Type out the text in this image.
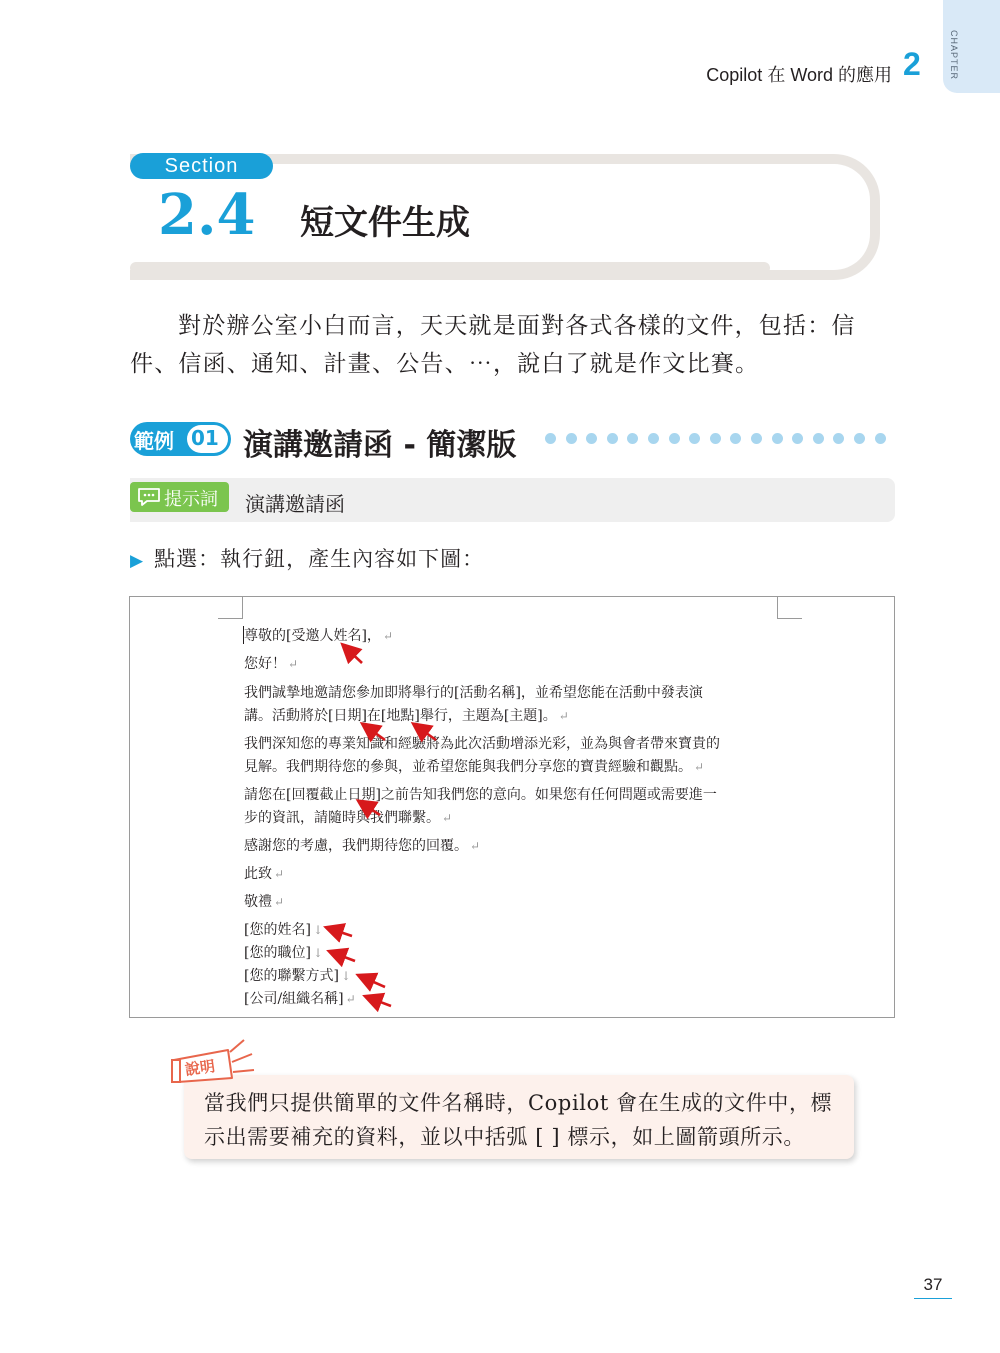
CHAPTER
Copilot 在 Word 的應用 2
Section
2.4 短文件生成
對於辦公室小白而言，天天就是面對各式各樣的文件，包括：信
件、信函、通知、計畫、公告、⋯，說白了就是作文比賽。
範例 01 演講邀請函 - 簡潔版
提示詞 演講邀請函
▶ 點選：執行鈕，產生內容如下圖：
尊敬的[受邀人姓名]， ↵
您好！ ↵
我們誠摯地邀請您參加即將舉行的[活動名稱]，並希望您能在活動中發表演
講。活動將於[日期]在[地點]舉行，主題為[主題]。 ↵
我們深知您的專業知識和經驗將為此次活動增添光彩，並為與會者帶來寶貴的
見解。我們期待您的參與，並希望您能與我們分享您的寶貴經驗和觀點。 ↵
請您在[回覆截止日期]之前告知我們您的意向。如果您有任何問題或需要進一
步的資訊，請隨時與我們聯繫。 ↵
感謝您的考慮，我們期待您的回覆。 ↵
此致 ↵
敬禮 ↵
[您的姓名] ↓
[您的職位] ↓
[您的聯繫方式] ↓
[公司/組織名稱] ↵
說明
當我們只提供簡單的文件名稱時，Copilot 會在生成的文件中，標
示出需要補充的資料，並以中括弧 [ ] 標示，如上圖箭頭所示。
37
